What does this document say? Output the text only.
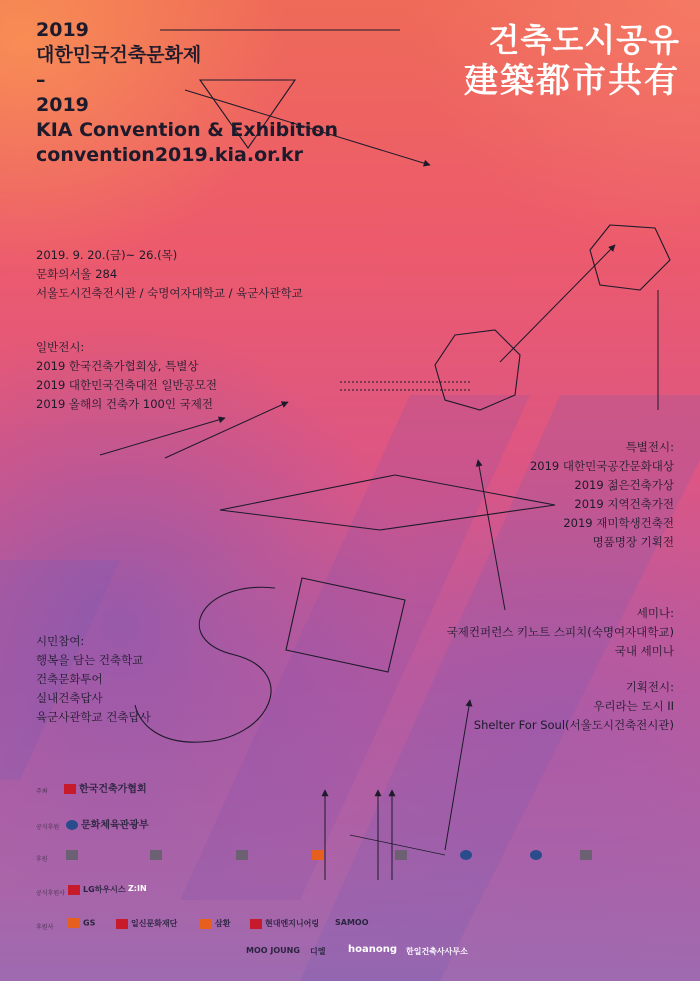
2019
대한민국건축문화제
–
2019
KIA Convention & Exhibition
convention2019.kia.or.kr
건축도시공유
建築都市共有
2019. 9. 20.(금)~ 26.(목)
문화의서울 284
서울도시건축전시관 / 숙명여자대학교 / 육군사관학교
일반전시:
2019 한국건축가협회상, 특별상
2019 대한민국건축대전 일반공모전
2019 올해의 건축가 100인 국제전
특별전시:
2019 대한민국공간문화대상
2019 젊은건축가상
2019 지역건축가전
2019 재미학생건축전
명품명장 기획전
세미나:
국제컨퍼런스 키노트 스피치(숙명여자대학교)
국내 세미나
시민참여:
행복을 담는 건축학교
건축문화투어
실내건축답사
육군사관학교 건축답사
기획전시:
우리라는 도시 II
Shelter For Soul(서울도시건축전시관)
주최	한국건축가협회
공식후원	문화체육관광부
후원
공식후원사	LG하우시스 Z:IN
후원사	GS	일신문화재단	삼환	현대엔지니어링 SAMOO
MOO JOUNG 디엘 hoanong 한일건축사사무소
